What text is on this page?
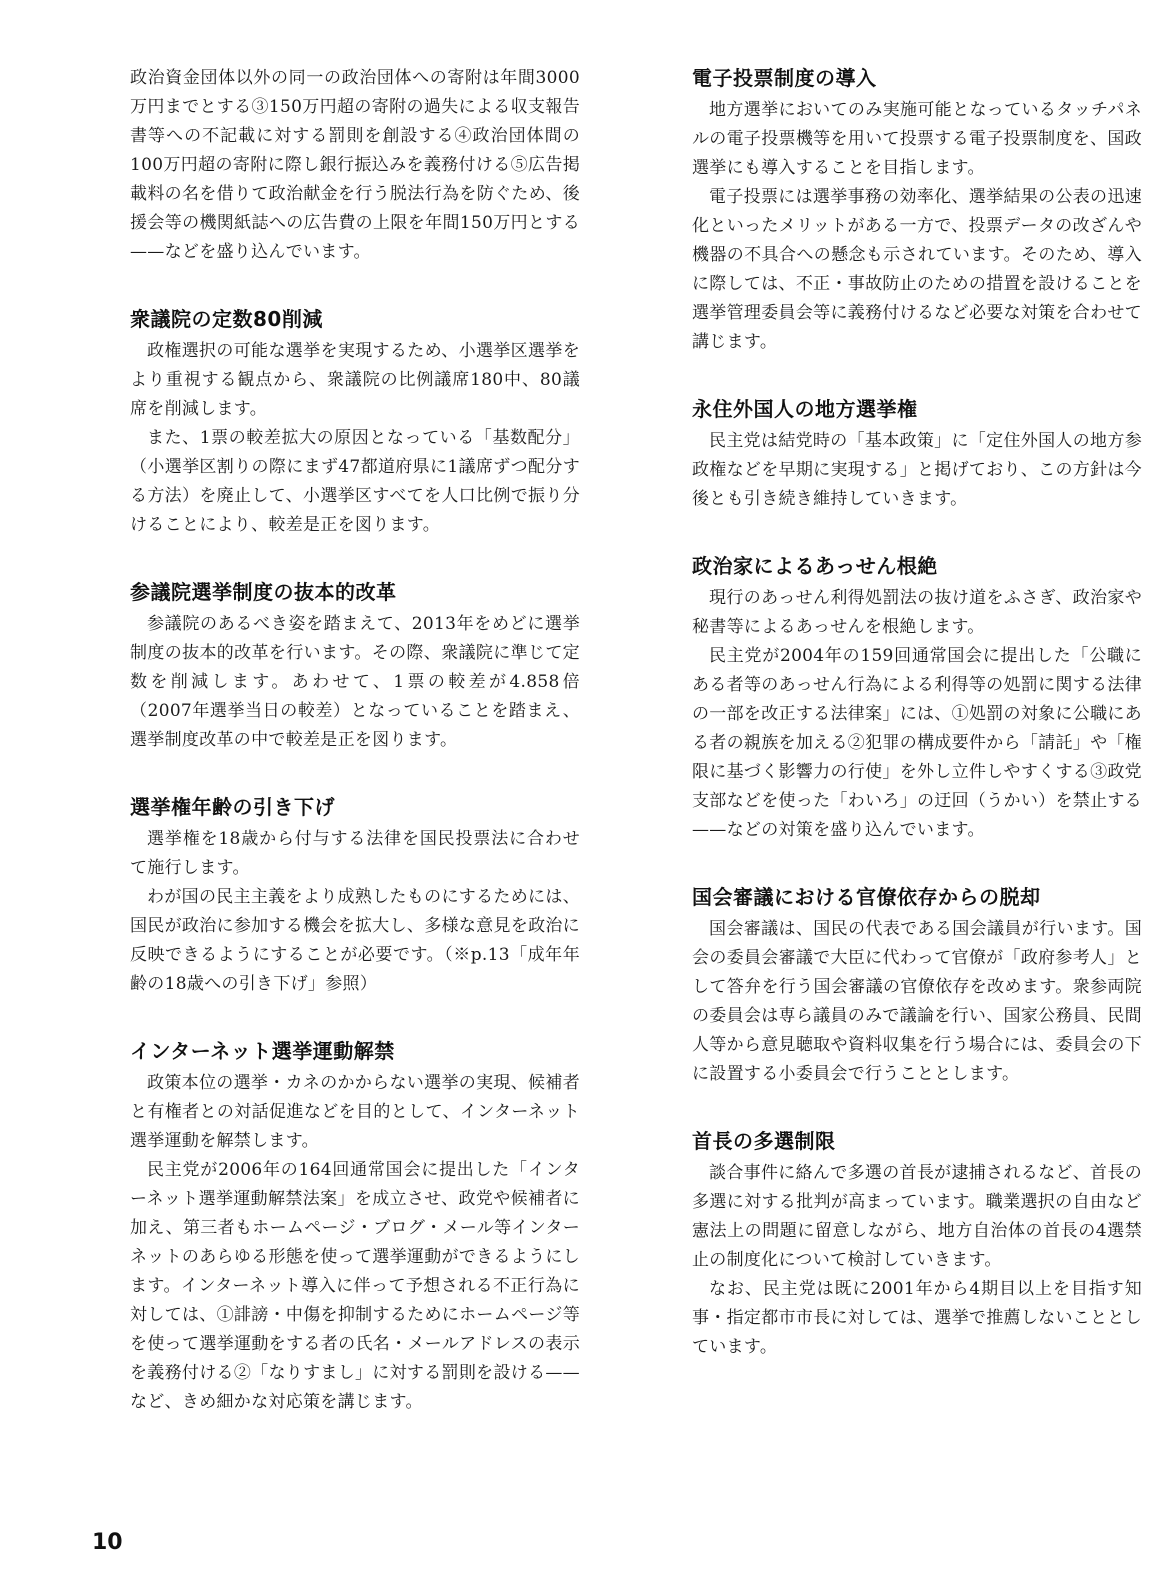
政治資金団体以外の同一の政治団体への寄附は年間3000万円までとする③150万円超の寄附の過失による収支報告書等への不記載に対する罰則を創設する④政治団体間の100万円超の寄附に際し銀行振込みを義務付ける⑤広告掲載料の名を借りて政治献金を行う脱法行為を防ぐため、後援会等の機関紙誌への広告費の上限を年間150万円とする——などを盛り込んでいます。

衆議院の定数80削減

政権選択の可能な選挙を実現するため、小選挙区選挙をより重視する観点から、衆議院の比例議席180中、80議席を削減します。

また、1票の較差拡大の原因となっている「基数配分」（小選挙区割りの際にまず47都道府県に1議席ずつ配分する方法）を廃止して、小選挙区すべてを人口比例で振り分けることにより、較差是正を図ります。

参議院選挙制度の抜本的改革

参議院のあるべき姿を踏まえて、2013年をめどに選挙制度の抜本的改革を行います。その際、衆議院に準じて定数を削減します。あわせて、1票の較差が4.858倍（2007年選挙当日の較差）となっていることを踏まえ、選挙制度改革の中で較差是正を図ります。

選挙権年齢の引き下げ

選挙権を18歳から付与する法律を国民投票法に合わせて施行します。

わが国の民主主義をより成熟したものにするためには、国民が政治に参加する機会を拡大し、多様な意見を政治に反映できるようにすることが必要です。（※p.13「成年年齢の18歳への引き下げ」参照）

インターネット選挙運動解禁

政策本位の選挙・カネのかからない選挙の実現、候補者と有権者との対話促進などを目的として、インターネット選挙運動を解禁します。

民主党が2006年の164回通常国会に提出した「インターネット選挙運動解禁法案」を成立させ、政党や候補者に加え、第三者もホームページ・ブログ・メール等インターネットのあらゆる形態を使って選挙運動ができるようにします。インターネット導入に伴って予想される不正行為に対しては、①誹謗・中傷を抑制するためにホームページ等を使って選挙運動をする者の氏名・メールアドレスの表示を義務付ける②「なりすまし」に対する罰則を設ける——など、きめ細かな対応策を講じます。

電子投票制度の導入

地方選挙においてのみ実施可能となっているタッチパネルの電子投票機等を用いて投票する電子投票制度を、国政選挙にも導入することを目指します。

電子投票には選挙事務の効率化、選挙結果の公表の迅速化といったメリットがある一方で、投票データの改ざんや機器の不具合への懸念も示されています。そのため、導入に際しては、不正・事故防止のための措置を設けることを選挙管理委員会等に義務付けるなど必要な対策を合わせて講じます。

永住外国人の地方選挙権

民主党は結党時の「基本政策」に「定住外国人の地方参政権などを早期に実現する」と掲げており、この方針は今後とも引き続き維持していきます。

政治家によるあっせん根絶

現行のあっせん利得処罰法の抜け道をふさぎ、政治家や秘書等によるあっせんを根絶します。

民主党が2004年の159回通常国会に提出した「公職にある者等のあっせん行為による利得等の処罰に関する法律の一部を改正する法律案」には、①処罰の対象に公職にある者の親族を加える②犯罪の構成要件から「請託」や「権限に基づく影響力の行使」を外し立件しやすくする③政党支部などを使った「わいろ」の迂回（うかい）を禁止する——などの対策を盛り込んでいます。

国会審議における官僚依存からの脱却

国会審議は、国民の代表である国会議員が行います。国会の委員会審議で大臣に代わって官僚が「政府参考人」として答弁を行う国会審議の官僚依存を改めます。衆参両院の委員会は専ら議員のみで議論を行い、国家公務員、民間人等から意見聴取や資料収集を行う場合には、委員会の下に設置する小委員会で行うこととします。

首長の多選制限

談合事件に絡んで多選の首長が逮捕されるなど、首長の多選に対する批判が高まっています。職業選択の自由など憲法上の問題に留意しながら、地方自治体の首長の4選禁止の制度化について検討していきます。

なお、民主党は既に2001年から4期目以上を目指す知事・指定都市市長に対しては、選挙で推薦しないこととしています。

10
